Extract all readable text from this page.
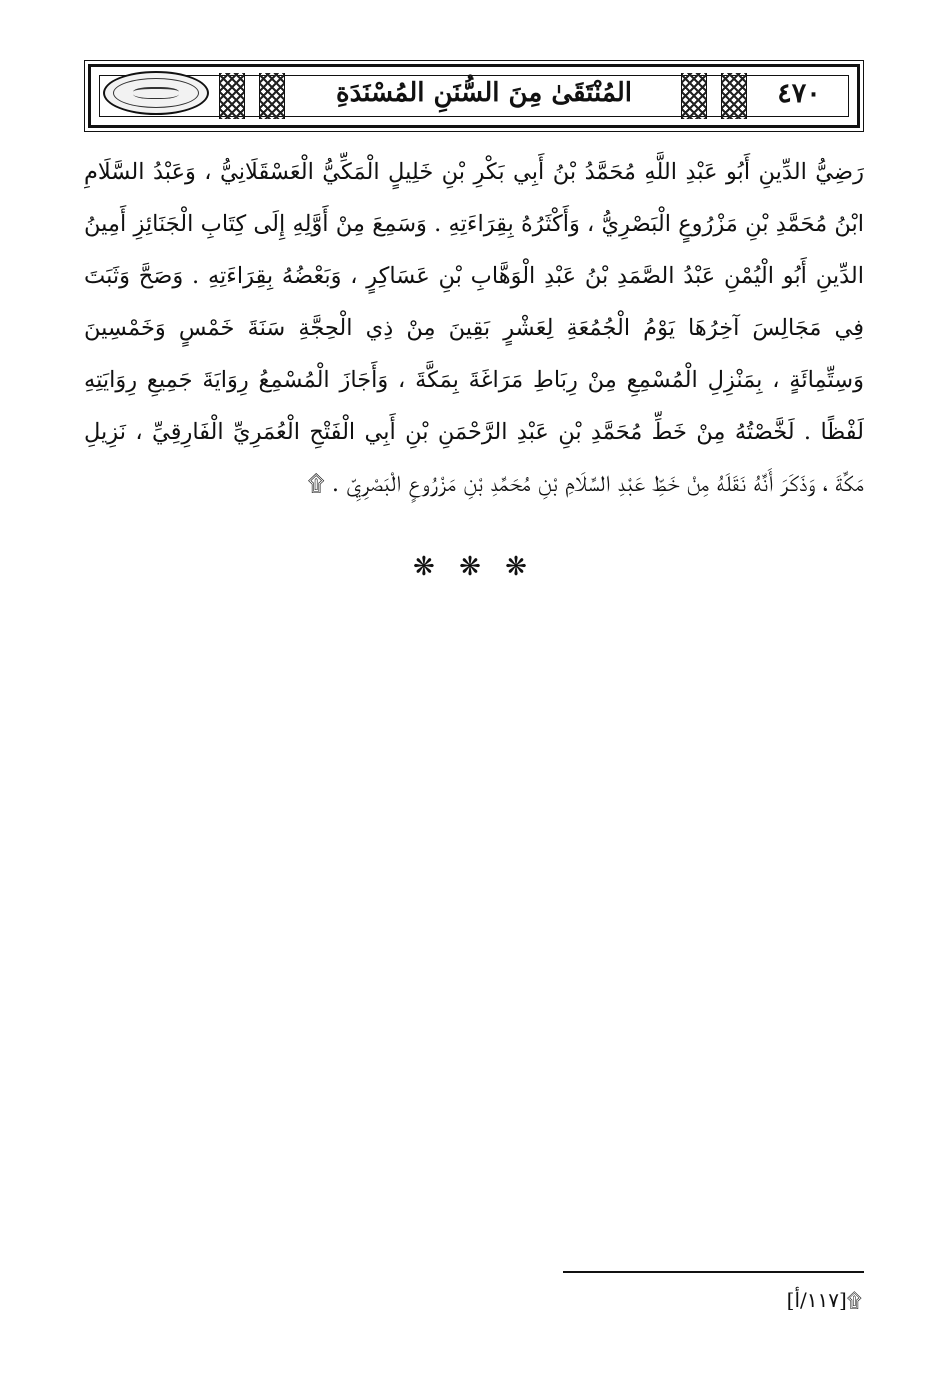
٤٧٠
المُنْتَقَىٰ مِنَ السُّنَنِ المُسْنَدَةِ
رَضِيُّ الدِّينِ أَبُو عَبْدِ اللَّهِ مُحَمَّدُ بْنُ أَبِي بَكْرِ بْنِ خَلِيلٍ الْمَكِّيُّ الْعَسْقَلَانِيُّ ، وَعَبْدُ السَّلَامِ
ابْنُ مُحَمَّدِ بْنِ مَزْرُوعٍ الْبَصْرِيُّ ، وَأَكْثَرُهُ بِقِرَاءَتِهِ . وَسَمِعَ مِنْ أَوَّلِهِ إِلَى كِتَابِ الْجَنَائِزِ أَمِينُ
الدِّينِ أَبُو الْيُمْنِ عَبْدُ الصَّمَدِ بْنُ عَبْدِ الْوَهَّابِ بْنِ عَسَاكِرٍ ، وَبَعْضُهُ بِقِرَاءَتِهِ . وَصَحَّ وَثَبَتَ
فِي مَجَالِسَ آخِرُهَا يَوْمُ الْجُمُعَةِ لِعَشْرٍ بَقِينَ مِنْ ذِي الْحِجَّةِ سَنَةَ خَمْسٍ وَخَمْسِينَ
وَسِتِّمِائَةٍ ، بِمَنْزِلِ الْمُسْمِعِ مِنْ رِبَاطِ مَرَاغَةَ بِمَكَّةَ ، وَأَجَازَ الْمُسْمِعُ رِوَايَةَ جَمِيعِ رِوَايَتِهِ
لَفْظًا . لَخَّصْتُهُ مِنْ خَطِّ مُحَمَّدِ بْنِ عَبْدِ الرَّحْمَنِ بْنِ أَبِي الْفَتْحِ الْعُمَرِيِّ الْفَارِقِيِّ ، نَزِيلِ
مَكَّةَ ، وَذَكَرَ أَنَّهُ نَقَلَهُ مِنْ خَطِّ عَبْدِ السَّلَامِ بْنِ مُحَمَّدِ بْنِ مَزْرُوعٍ الْبَصْرِيِّ . ۩
❋ ❋ ❋
۩[١١٧/أ]
